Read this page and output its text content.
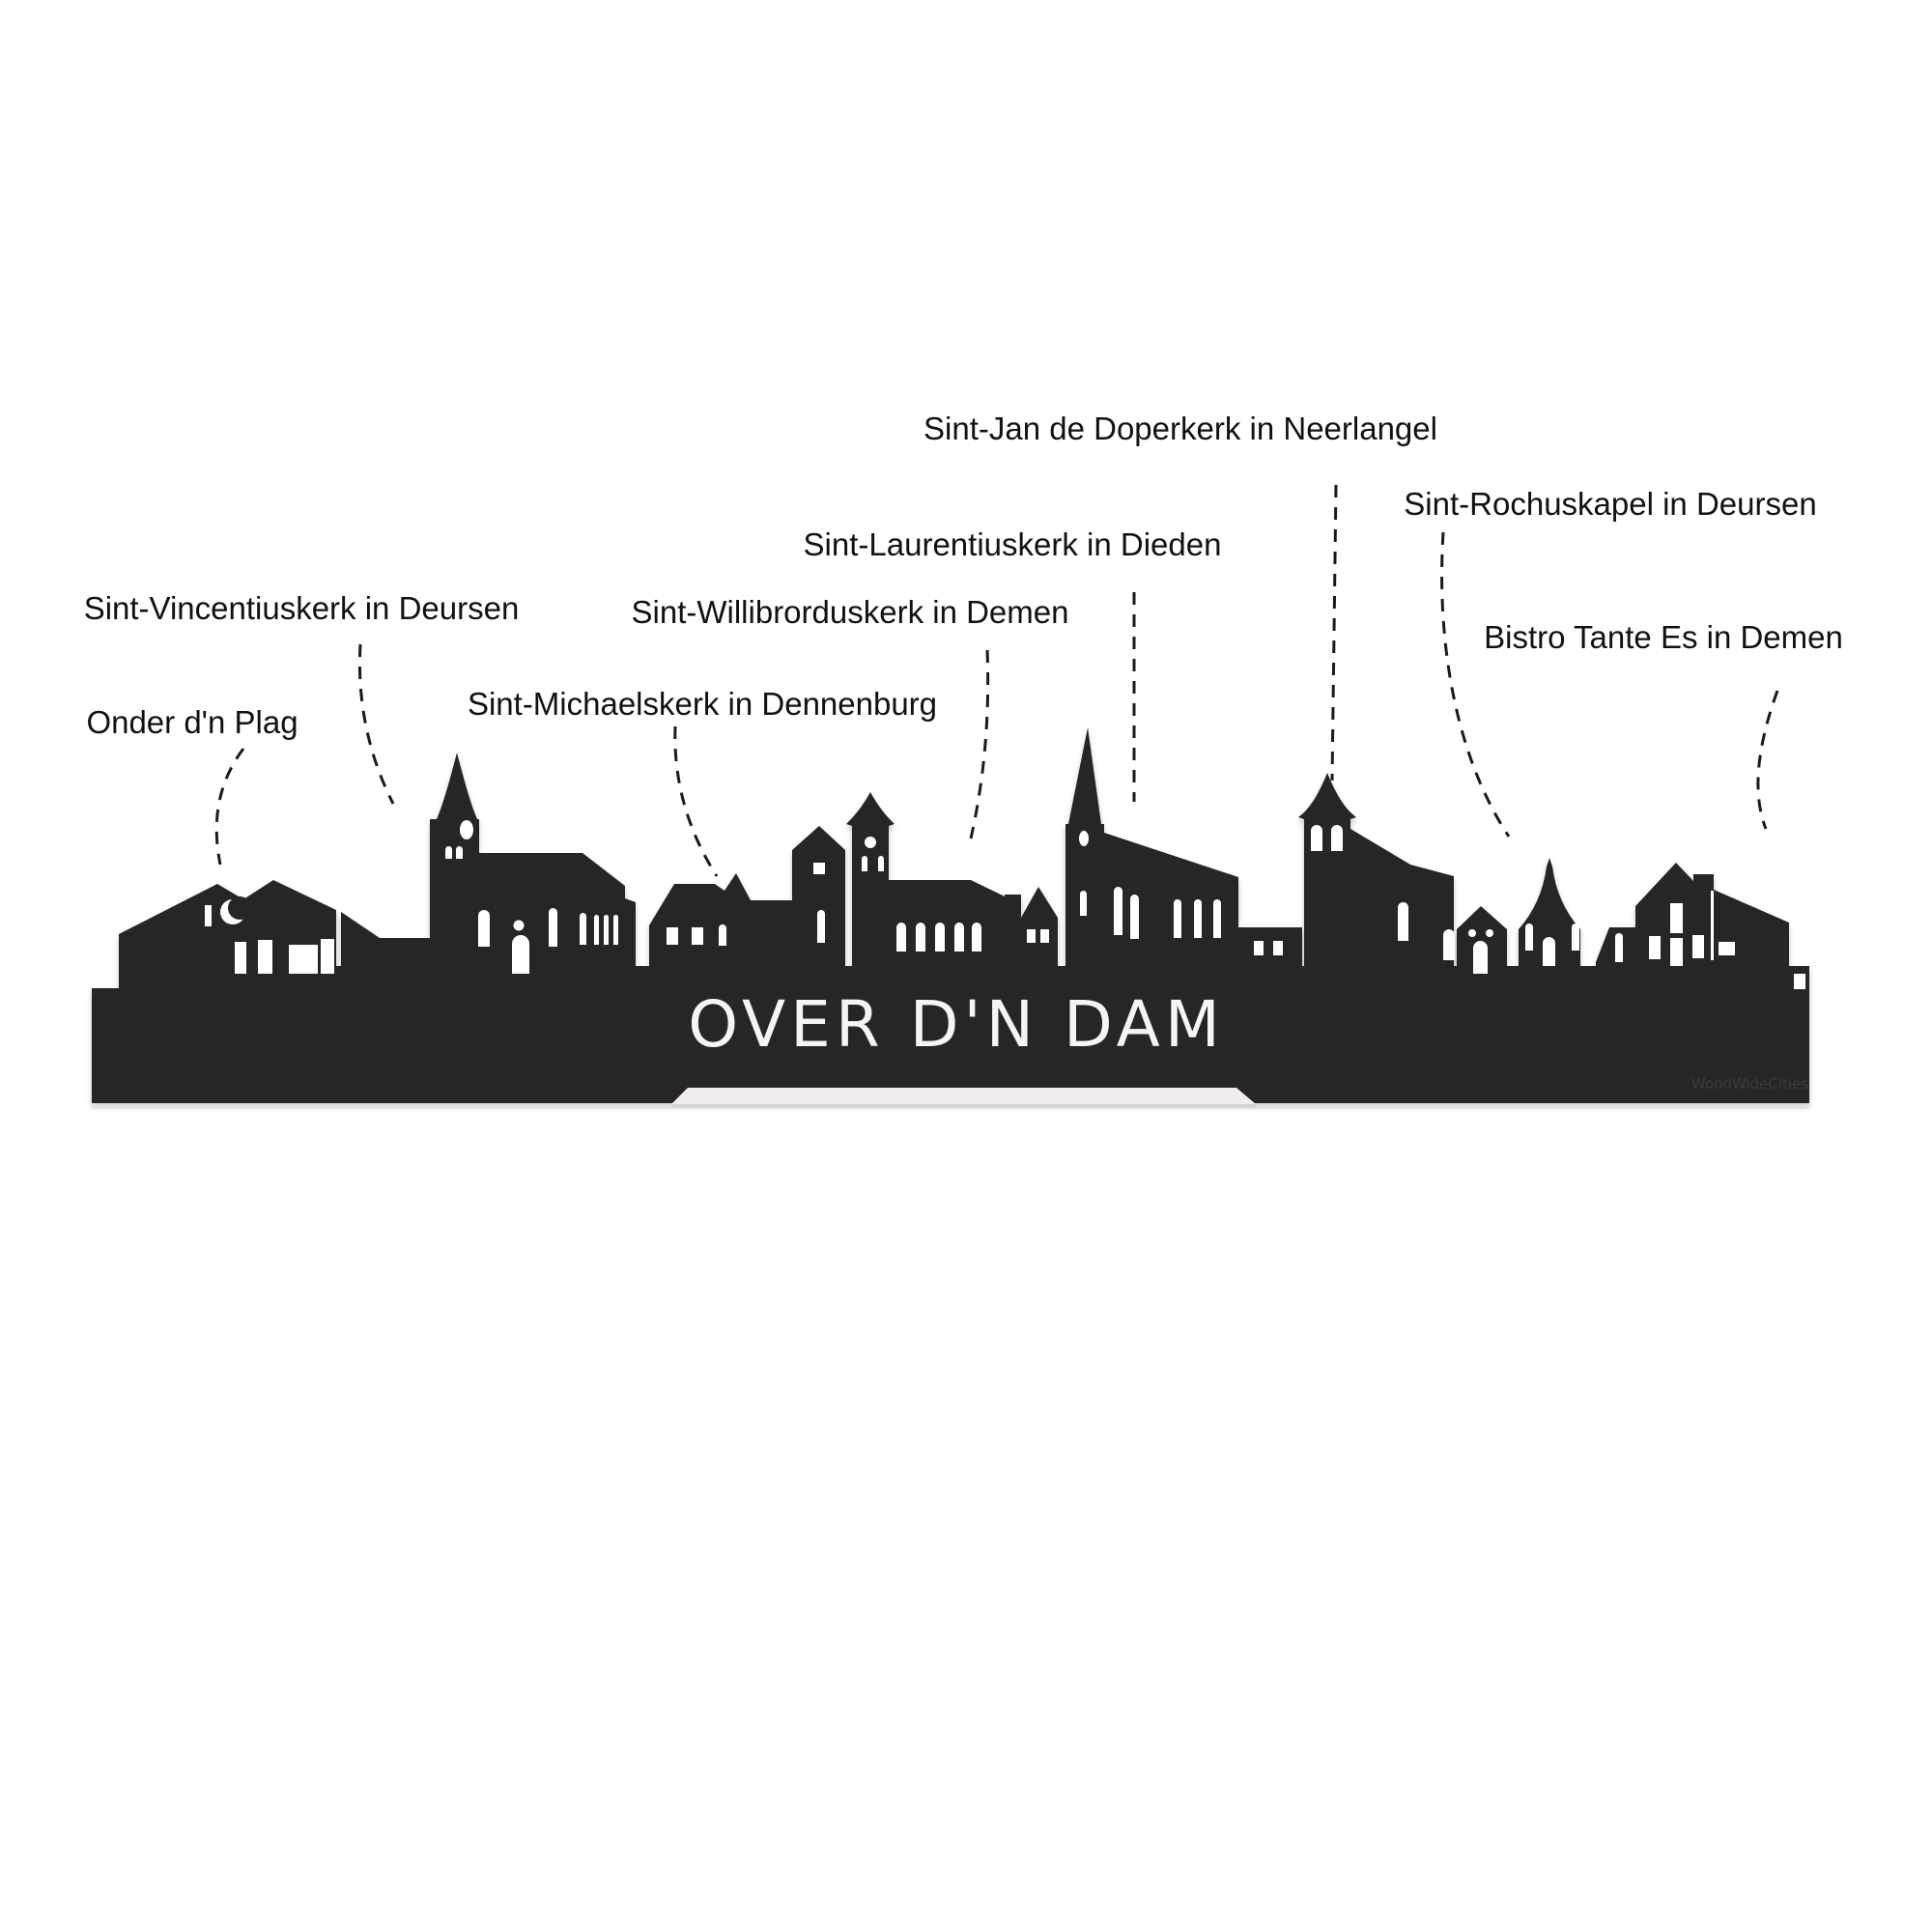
Sint-Jan de Doperkerk in Neerlangel
Sint-Rochuskapel in Deursen
Sint-Laurentiuskerk in Dieden
Sint-Vincentiuskerk in Deursen	Sint-Willibrorduskerk in Demen
Bistro Tante Es in Demen
Sint-Michaelskerk in Dennenburg
Onder d'n Plag
OVER D'N DAM
WoodWideCities
